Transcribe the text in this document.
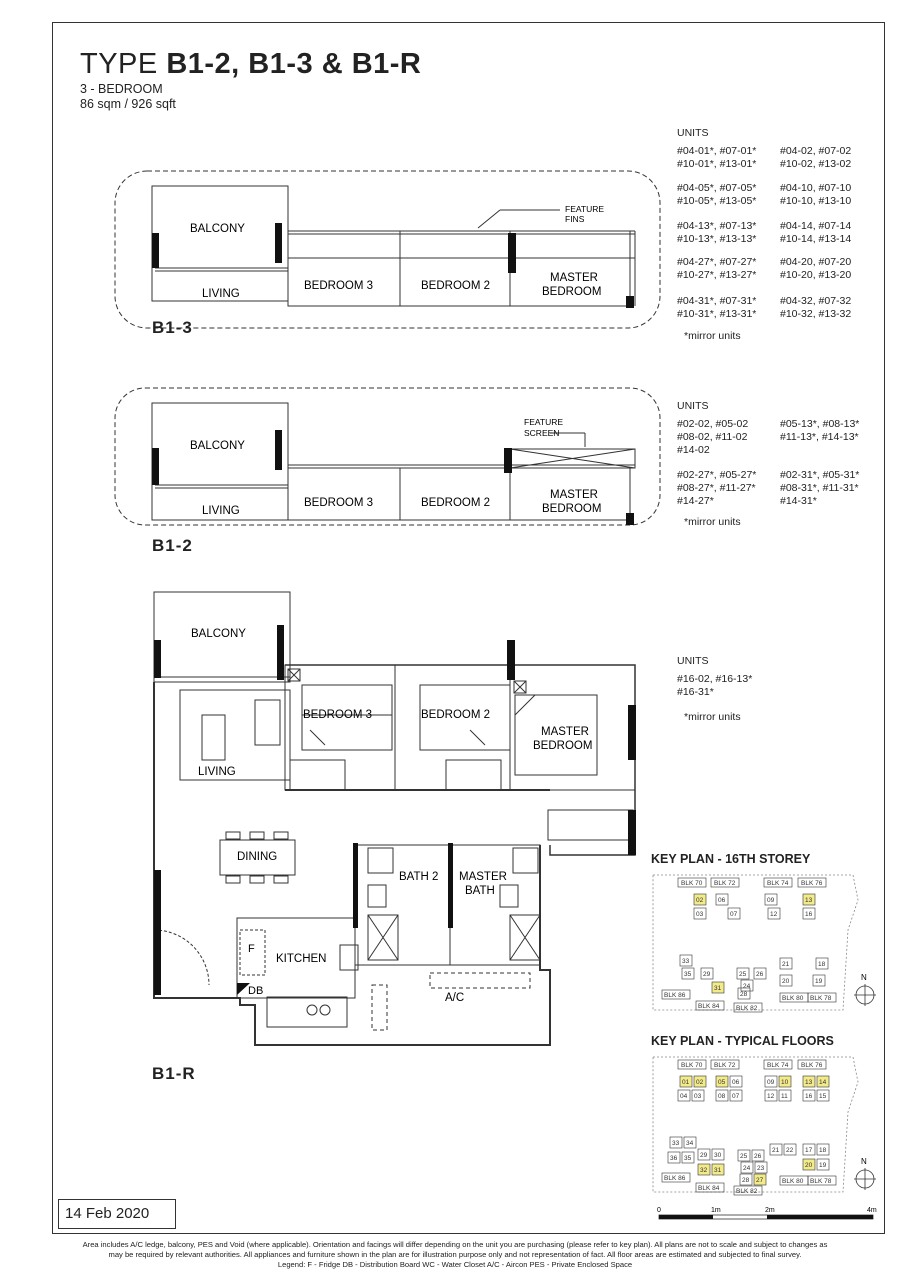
TYPE B1-2, B1-3 & B1-R
3 - BEDROOM
86 sqm / 926 sqft
BALCONY
LIVING
BEDROOM 3	BEDROOM 2
MASTER
BEDROOM
FEATURE
FINS
B1-3
UNITS
#04-01*, #07-01* #04-02, #07-02
#10-01*, #13-01* #10-02, #13-02
#04-05*, #07-05* #04-10, #07-10
#10-05*, #13-05* #10-10, #13-10
#04-13*, #07-13* #04-14, #07-14
#10-13*, #13-13* #10-14, #13-14
#04-27*, #07-27* #04-20, #07-20
#10-27*, #13-27* #10-20, #13-20
#04-31*, #07-31* #04-32, #07-32
#10-31*, #13-31* #10-32, #13-32
*mirror units
BALCONY
LIVING
BEDROOM 3	BEDROOM 2
MASTER
BEDROOM
FEATURE
SCREEN
B1-2
UNITS
#02-02, #05-02	#05-13*, #08-13*
#08-02, #11-02	#11-13*, #14-13*
#14-02
#02-27*, #05-27* #02-31*, #05-31*
#08-27*, #11-27* #08-31*, #11-31*
#14-27*	#14-31*
*mirror units
BALCONY
LIVING
BEDROOM 3	BEDROOM 2
MASTER
BEDROOM
DINING
BATH 2 MASTER
BATH
KITCHEN
F
DB
A/C
B1-R
UNITS
#16-02, #16-13*
#16-31*
*mirror units
KEY PLAN - 16TH STOREY
BLK 70 BLK 72	BLK 74 BLK 76
02
03
06
07
09
12
13
16
33
35 29
31
25
24
26
28
21
20
18
19
BLK 86
BLK 84	BLK 82
BLK 80 BLK 78
N
KEY PLAN - TYPICAL FLOORS
BLK 70 BLK 72	BLK 74 BLK 76
01 02 05 06
04 03	08 07
09 10	13 14
12 11	16 15
33 34
36 35 29 30
32 31
25 26
24 23
27
28
21 22 17 18
20 19
BLK 86
BLK 84	BLK 82
BLK 80 BLK 78
N
0	1m	2m	4m
14 Feb 2020
Area includes A/C ledge, balcony, PES and Void (where applicable). Orientation and facings will differ depending on the unit you are purchasing (please refer to key plan). All plans are not to scale and subject to changes as
may be required by relevant authorities. All appliances and furniture shown in the plan are for illustration purpose only and not representation of fact. All floor areas are estimated and subjected to final survey.
Legend: F - Fridge DB - Distribution Board WC - Water Closet A/C - Aircon PES - Private Enclosed Space
